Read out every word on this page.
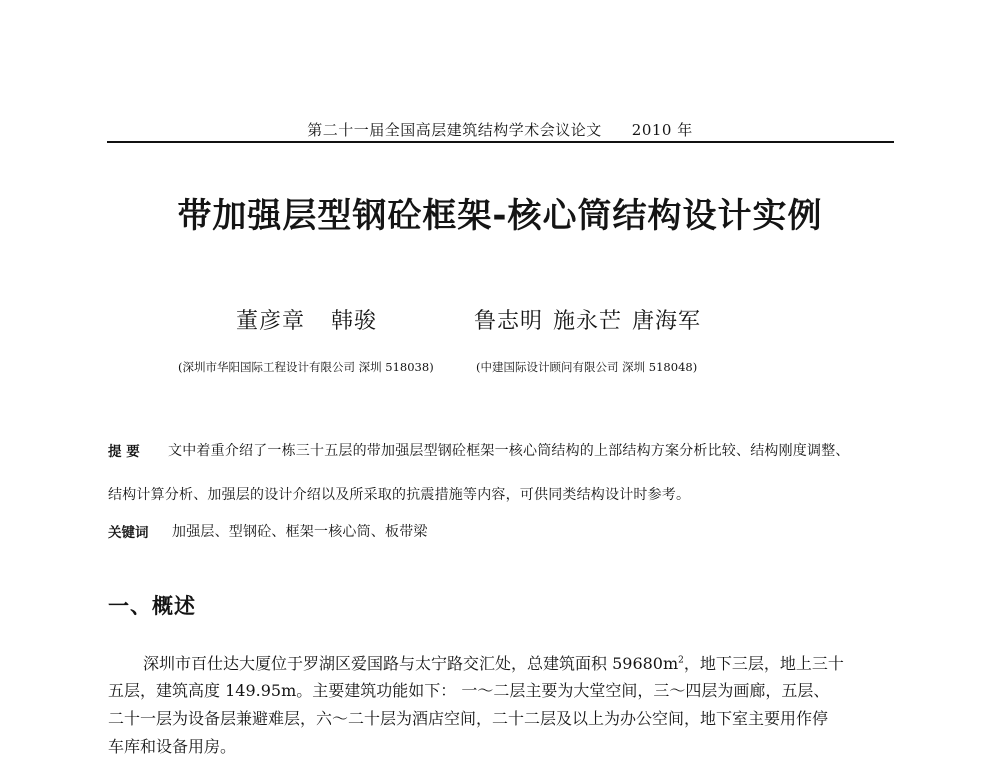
第二十一届全国高层建筑结构学术会议论文 2010 年
带加强层型钢砼框架-核心筒结构设计实例
董彦章 韩骏	鲁志明 施永芒 唐海军
(深圳市华阳国际工程设计有限公司 深圳 518038)	(中建国际设计顾问有限公司 深圳 518048)
提 要 文中着重介绍了一栋三十五层的带加强层型钢砼框架一核心筒结构的上部结构方案分析比较、结构刚度调整、
结构计算分析、加强层的设计介绍以及所采取的抗震措施等内容，可供同类结构设计时参考。
关键词 加强层、型钢砼、框架一核心筒、板带梁
一、概述
深圳市百仕达大厦位于罗湖区爱国路与太宁路交汇处，总建筑面积 $59680m^2$，地下三层，地上三十
五层，建筑高度 149.95m。主要建筑功能如下： 一～二层主要为大堂空间，三～四层为画廊，五层、
二十一层为设备层兼避难层，六～二十层为酒店空间，二十二层及以上为办公空间，地下室主要用作停
车库和设备用房。
